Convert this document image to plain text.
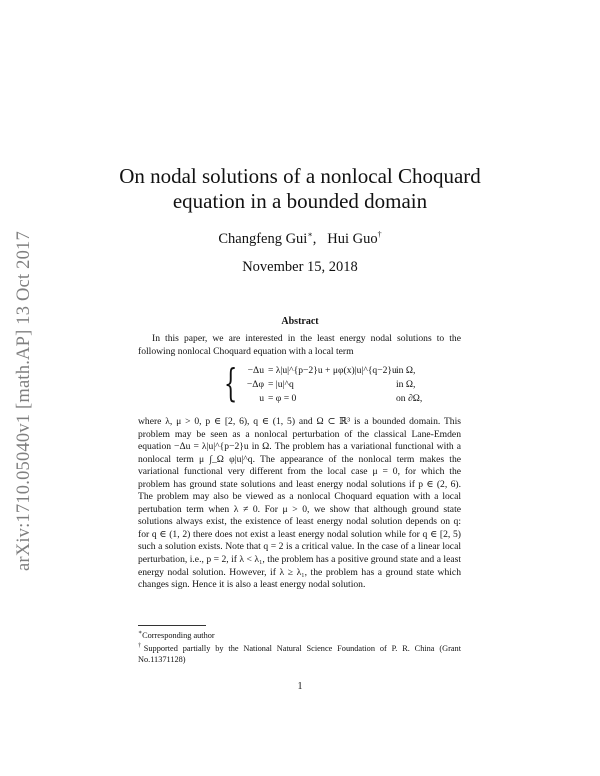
arXiv:1710.05040v1 [math.AP] 13 Oct 2017
On nodal solutions of a nonlocal Choquard
equation in a bounded domain
Changfeng Gui∗, Hui Guo†
November 15, 2018
Abstract
In this paper, we are interested in the least energy nodal solutions to the following nonlocal Choquard equation with a local term
{	−Δu = λ|u|^{p−2}u + μφ(x)|u|^{q−2}u in Ω,
−Δφ = |u|^q	in Ω,
u = φ = 0	on ∂Ω,
where λ, μ > 0, p ∈ [2, 6), q ∈ (1, 5) and Ω ⊂ ℝ³ is a bounded domain. This problem may be seen as a nonlocal perturbation of the classical Lane-Emden equation −Δu = λ|u|^{p−2}u in Ω. The problem has a variational functional with a nonlocal term μ ∫_Ω φ|u|^q. The appearance of the nonlocal term makes the variational functional very different from the local case μ = 0, for which the problem has ground state solutions and least energy nodal solutions if p ∈ (2, 6). The problem may also be viewed as a nonlocal Choquard equation with a local pertubation term when λ ≠ 0. For μ > 0, we show that although ground state solutions always exist, the existence of least energy nodal solution depends on q: for q ∈ (1, 2) there does not exist a least energy nodal solution while for q ∈ [2, 5) such a solution exists. Note that q = 2 is a critical value. In the case of a linear local perturbation, i.e., p = 2, if λ < λ₁, the problem has a positive ground state and a least energy nodal solution. However, if λ ≥ λ₁, the problem has a ground state which changes sign. Hence it is also a least energy nodal solution.
∗Corresponding author
†Supported partially by the National Natural Science Foundation of P. R. China (Grant No.11371128)
1
